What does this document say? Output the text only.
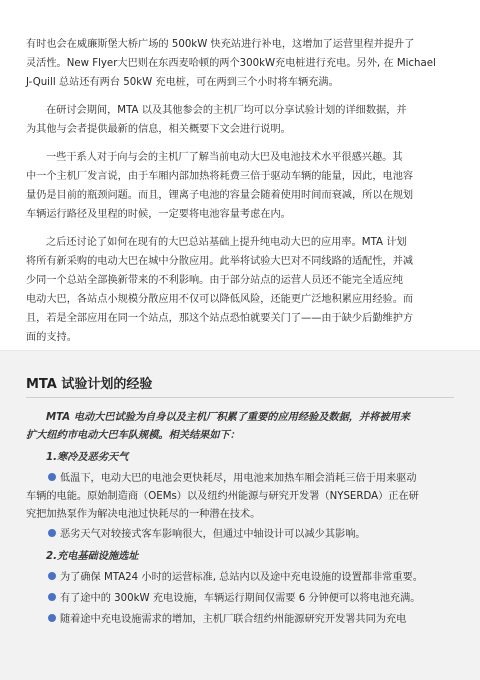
有时也会在威廉斯堡大桥广场的 500kW 快充站进行补电，这增加了运营里程并提升了

灵活性。New Flyer大巴则在东西麦哈顿的两个300kW充电桩进行充电。另外, 在 Michael

J-Quill 总站还有两台 50kW 充电桩，可在两到三个小时将车辆充满。

在研讨会期间，MTA 以及其他参会的主机厂均可以分享试验计划的详细数据，并

为其他与会者提供最新的信息，相关概要下文会进行说明。

一些干系人对于向与会的主机厂了解当前电动大巴及电池技术水平很感兴趣。其

中一个主机厂发言说，由于车厢内部加热将耗费三倍于驱动车辆的能量，因此，电池容

量仍是目前的瓶颈问题。而且，锂离子电池的容量会随着使用时间而衰减，所以在规划

车辆运行路径及里程的时候，一定要将电池容量考虑在内。

之后还讨论了如何在现有的大巴总站基础上提升纯电动大巴的应用率。MTA 计划

将所有新采购的电动大巴在城中分散应用。此举将试验大巴对不同线路的适配性，并减

少同一个总站全部换新带来的不利影响。由于部分站点的运营人员还不能完全适应纯

电动大巴，各站点小规模分散应用不仅可以降低风险，还能更广泛地积累应用经验。而

且，若是全部应用在同一个站点，那这个站点恐怕就要关门了——由于缺少后勤维护方

面的支持。

MTA 试验计划的经验

MTA 电动大巴试验为自身以及主机厂积累了重要的应用经验及数据，并将被用来

扩大纽约市电动大巴车队规模。相关结果如下：

1.寒冷及恶劣天气

低温下，电动大巴的电池会更快耗尽，用电池来加热车厢会消耗三倍于用来驱动

车辆的电能。原始制造商（OEMs）以及纽约州能源与研究开发署（NYSERDA）正在研

究把加热泵作为解决电池过快耗尽的一种潜在技术。

恶劣天气对较接式客车影响很大，但通过中轴设计可以减少其影响。

2.充电基础设施选址

为了确保 MTA24 小时的运营标准, 总站内以及途中充电设施的设置都非常重要。

有了途中的 300kW 充电设施，车辆运行期间仅需要 6 分钟便可以将电池充满。

随着途中充电设施需求的增加，主机厂联合纽约州能源研究开发署共同为充电
